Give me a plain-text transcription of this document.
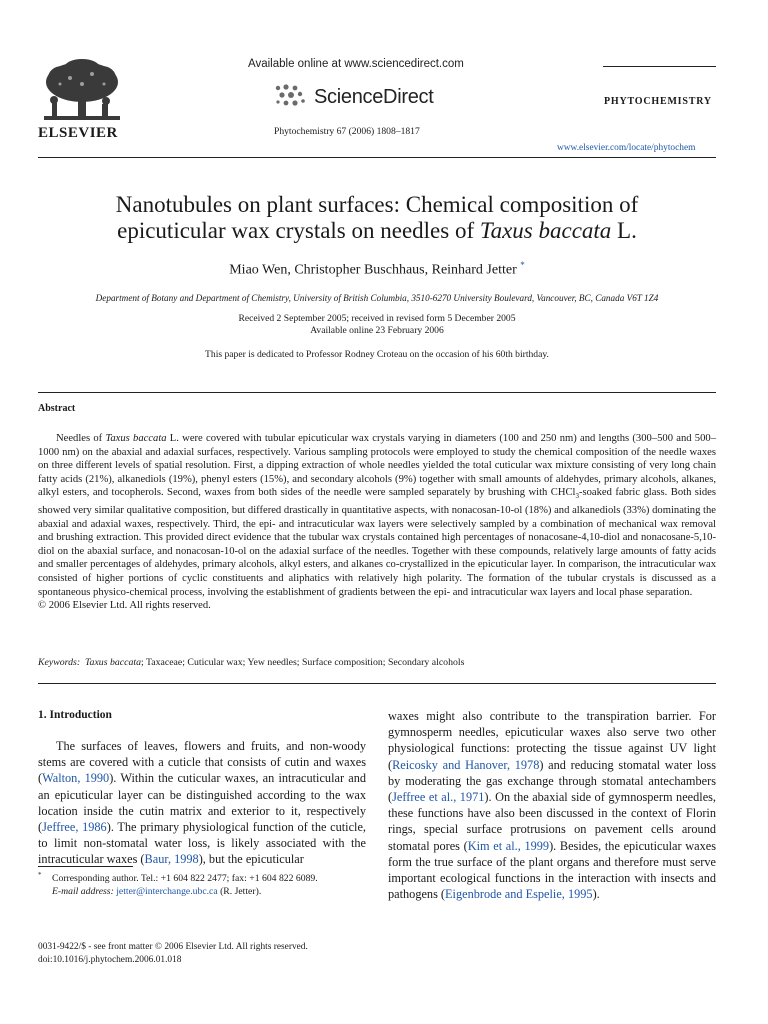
ELSEVIER
Available online at www.sciencedirect.com
ScienceDirect
Phytochemistry 67 (2006) 1808–1817
PHYTOCHEMISTRY
www.elsevier.com/locate/phytochem
Nanotubules on plant surfaces: Chemical composition of
epicuticular wax crystals on needles of Taxus baccata L.
Miao Wen, Christopher Buschhaus, Reinhard Jetter *
Department of Botany and Department of Chemistry, University of British Columbia, 3510-6270 University Boulevard, Vancouver, BC, Canada V6T 1Z4
Received 2 September 2005; received in revised form 5 December 2005
Available online 23 February 2006
This paper is dedicated to Professor Rodney Croteau on the occasion of his 60th birthday.
Abstract
Needles of Taxus baccata L. were covered with tubular epicuticular wax crystals varying in diameters (100 and 250 nm) and lengths (300–500 and 500–1000 nm) on the abaxial and adaxial surfaces, respectively. Various sampling protocols were employed to study the chemical composition of the needle waxes on three different levels of spatial resolution. First, a dipping extraction of whole needles yielded the total cuticular wax mixture consisting of very long chain fatty acids (21%), alkanediols (19%), phenyl esters (15%), and secondary alcohols (9%) together with small amounts of aldehydes, primary alcohols, alkanes, alkyl esters, and tocopherols. Second, waxes from both sides of the needle were sampled separately by brushing with CHCl$_3$-soaked fabric glass. Both sides showed very similar qualitative composition, but differed drastically in quantitative aspects, with nonacosan-10-ol (18%) and alkanediols (33%) dominating the abaxial and adaxial waxes, respectively. Third, the epi- and intracuticular wax layers were selectively sampled by a combination of mechanical wax removal and brushing extraction. This provided direct evidence that the tubular wax crystals contained high percentages of nonacosane-4,10-diol and nonacosane-5,10-diol on the abaxial surface, and nonacosan-10-ol on the adaxial surface of the needles. Together with these compounds, relatively large amounts of fatty acids and smaller percentages of aldehydes, primary alcohols, alkyl esters, and alkanes co-crystallized in the epicuticular layer. In comparison, the intracuticular wax consisted of higher portions of cyclic constituents and aliphatics with relatively high polarity. The formation of the tubular crystals is discussed as a spontaneous physico-chemical process, involving the establishment of gradients between the epi- and intracuticular wax layers and local phase separation.
© 2006 Elsevier Ltd. All rights reserved.
Keywords: Taxus baccata; Taxaceae; Cuticular wax; Yew needles; Surface composition; Secondary alcohols
1. Introduction
The surfaces of leaves, flowers and fruits, and non-woody stems are covered with a cuticle that consists of cutin and waxes (Walton, 1990). Within the cuticular waxes, an intracuticular and an epicuticular layer can be distinguished according to the wax location inside the cutin matrix and exterior to it, respectively (Jeffree, 1986). The primary physiological function of the cuticle, to limit non-stomatal water loss, is likely associated with the intracuticular waxes (Baur, 1998), but the epicuticular
waxes might also contribute to the transpiration barrier. For gymnosperm needles, epicuticular waxes also serve two other physiological functions: protecting the tissue against UV light (Reicosky and Hanover, 1978) and reducing stomatal water loss by moderating the gas exchange through stomatal antechambers (Jeffree et al., 1971). On the abaxial side of gymnosperm needles, these functions have also been discussed in the context of Florin rings, special surface protrusions on pavement cells around stomatal pores (Kim et al., 1999). Besides, the epicuticular waxes form the true surface of the plant organs and therefore must serve important ecological functions in the interaction with insects and pathogens (Eigenbrode and Espelie, 1995).
* Corresponding author. Tel.: +1 604 822 2477; fax: +1 604 822 6089.
E-mail address: jetter@interchange.ubc.ca (R. Jetter).
0031-9422/$ - see front matter © 2006 Elsevier Ltd. All rights reserved.
doi:10.1016/j.phytochem.2006.01.018
